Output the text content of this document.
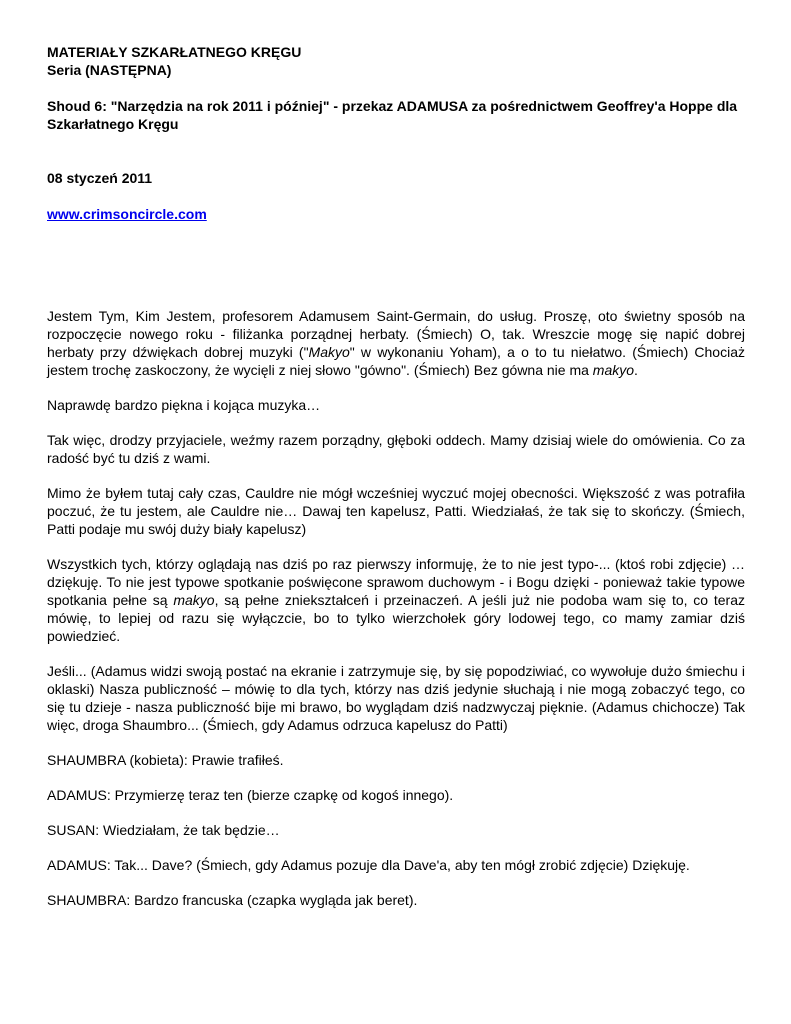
MATERIAŁY SZKARŁATNEGO KRĘGU

Seria (NASTĘPNA)

Shoud 6: "Narzędzia na rok 2011 i później" - przekaz ADAMUSA za pośrednictwem Geoffrey'a Hoppe dla Szkarłatnego Kręgu

08 styczeń 2011

www.crimsoncircle.com

Jestem Tym, Kim Jestem, profesorem Adamusem Saint-Germain, do usług. Proszę, oto świetny sposób na rozpoczęcie nowego roku - filiżanka porządnej herbaty. (Śmiech) O, tak. Wreszcie mogę się napić dobrej herbaty przy dźwiękach dobrej muzyki ("Makyo" w wykonaniu Yoham), a o to tu niełatwo. (Śmiech) Chociaż jestem trochę zaskoczony, że wycięli z niej słowo "gówno". (Śmiech) Bez gówna nie ma makyo.

Naprawdę bardzo piękna i kojąca muzyka…

Tak więc, drodzy przyjaciele, weźmy razem porządny, głęboki oddech. Mamy dzisiaj wiele do omówienia. Co za radość być tu dziś z wami.

Mimo że byłem tutaj cały czas, Cauldre nie mógł wcześniej wyczuć mojej obecności. Większość z was potrafiła poczuć, że tu jestem, ale Cauldre nie… Dawaj ten kapelusz, Patti. Wiedziałaś, że tak się to skończy. (Śmiech, Patti podaje mu swój duży biały kapelusz)

Wszystkich tych, którzy oglądają nas dziś po raz pierwszy informuję, że to nie jest typo-... (ktoś robi zdjęcie) …dziękuję. To nie jest typowe spotkanie poświęcone sprawom duchowym - i Bogu dzięki - ponieważ takie typowe spotkania pełne są makyo, są pełne zniekształceń i przeinaczeń. A jeśli już nie podoba wam się to, co teraz mówię, to lepiej od razu się wyłączcie, bo to tylko wierzchołek góry lodowej tego, co mamy zamiar dziś powiedzieć.

Jeśli... (Adamus widzi swoją postać na ekranie i zatrzymuje się, by się popodziwiać, co wywołuje dużo śmiechu i oklaski) Nasza publiczność – mówię to dla tych, którzy nas dziś jedynie słuchają i nie mogą zobaczyć tego, co się tu dzieje - nasza publiczność bije mi brawo, bo wyglądam dziś nadzwyczaj pięknie. (Adamus chichocze) Tak więc, droga Shaumbro... (Śmiech, gdy Adamus odrzuca kapelusz do Patti)

SHAUMBRA (kobieta): Prawie trafiłeś.

ADAMUS: Przymierzę teraz ten (bierze czapkę od kogoś innego).

SUSAN: Wiedziałam, że tak będzie…

ADAMUS: Tak... Dave? (Śmiech, gdy Adamus pozuje dla Dave'a, aby ten mógł zrobić zdjęcie) Dziękuję.

SHAUMBRA: Bardzo francuska (czapka wygląda jak beret).
